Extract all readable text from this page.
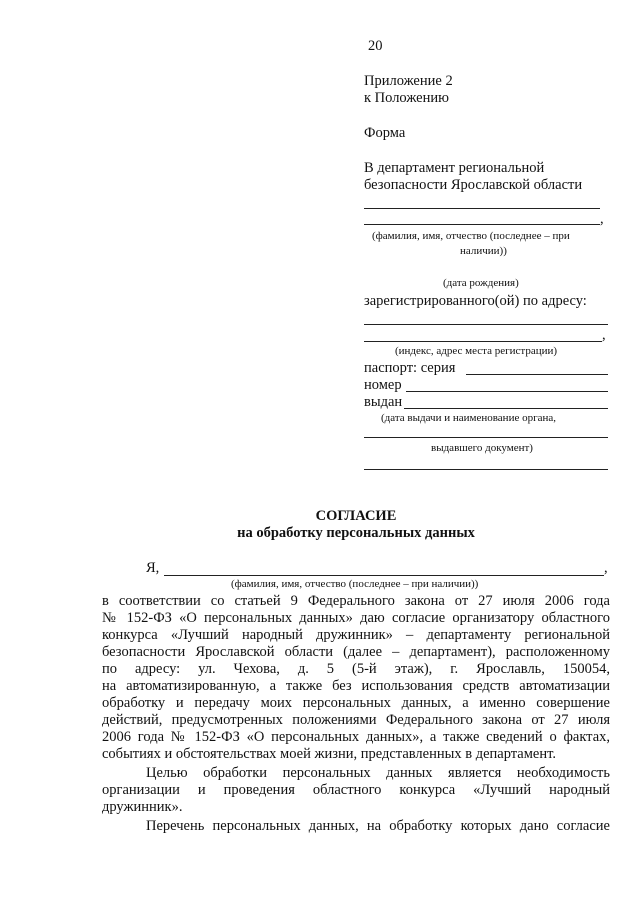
20
Приложение 2
к Положению
Форма
В департамент региональной
безопасности Ярославской области
,
(фамилия, имя, отчество (последнее – при
наличии))
(дата рождения)
зарегистрированного(ой) по адресу:
,
(индекс, адрес места регистрации)
паспорт: серия
номер
выдан
(дата выдачи и наименование органа,
выдавшего документ)
СОГЛАСИЕ
на обработку персональных данных
Я,	,
(фамилия, имя, отчество (последнее – при наличии))
в соответствии со статьей 9 Федерального закона от 27 июля 2006 года
№ 152-ФЗ «О персональных данных» даю согласие организатору областного
конкурса «Лучший народный дружинник» – департаменту региональной
безопасности Ярославской области (далее – департамент), расположенному
по адресу: ул. Чехова, д. 5 (5-й этаж), г. Ярославль, 150054,
на автоматизированную, а также без использования средств автоматизации
обработку и передачу моих персональных данных, а именно совершение
действий, предусмотренных положениями Федерального закона от 27 июля
2006 года № 152-ФЗ «О персональных данных», а также сведений о фактах,
событиях и обстоятельствах моей жизни, представленных в департамент.
Целью обработки персональных данных является необходимость
организации и проведения областного конкурса «Лучший народный
дружинник».
Перечень персональных данных, на обработку которых дано согласие
